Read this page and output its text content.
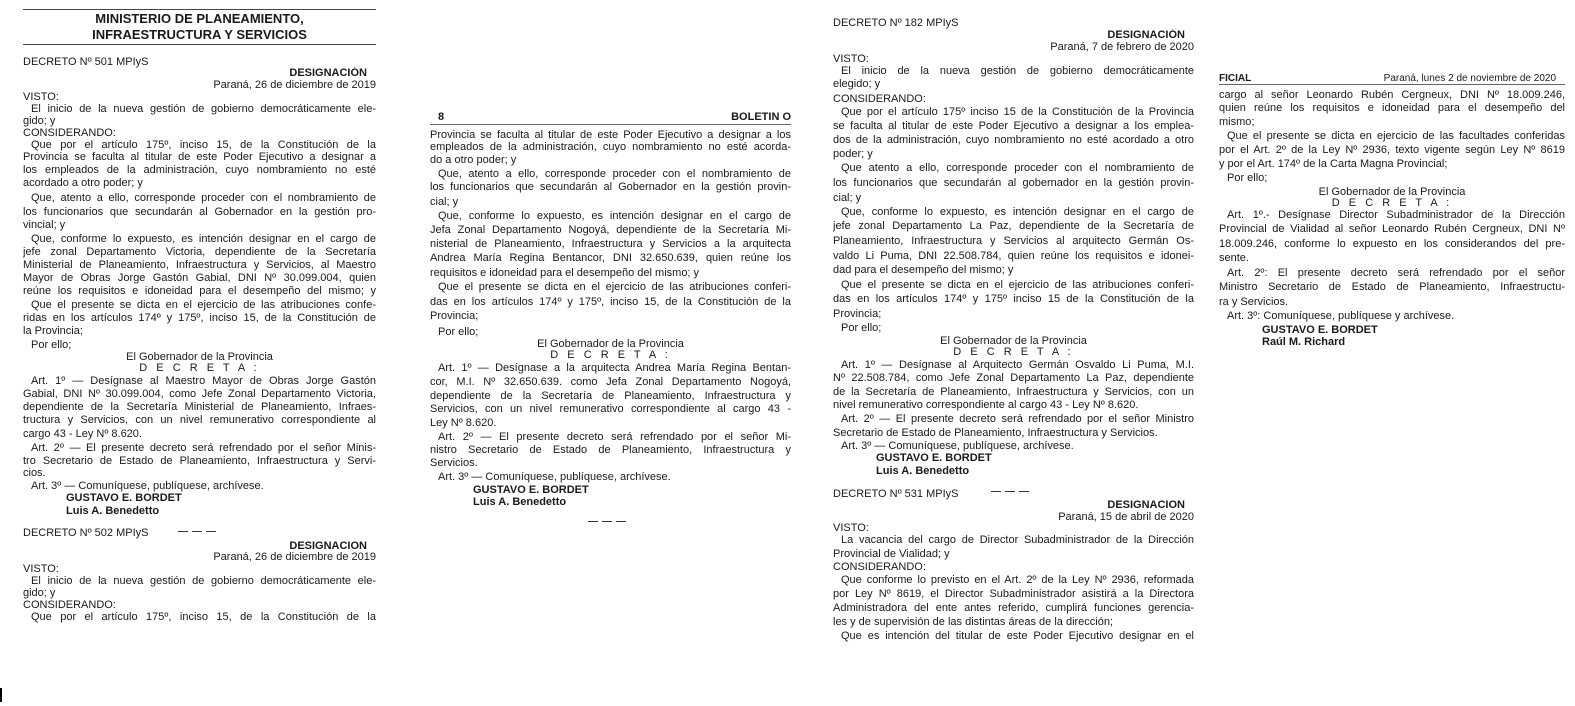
MINISTERIO DE PLANEAMIENTO,
INFRAESTRUCTURA Y SERVICIOS
DECRETO Nº 501 MPIyS
DESIGNACIÓN
Paraná, 26 de diciembre de 2019
VISTO:
El inicio de la nueva gestión de gobierno democráticamente ele-
gido; y
CONSIDERANDO:
Que por el artículo 175º, inciso 15, de la Constitución de la
Provincia se faculta al titular de este Poder Ejecutivo a designar a
los empleados de la administración, cuyo nombramiento no esté
acordado a otro poder; y
Que, atento a ello, corresponde proceder con el nombramiento de
los funcionarios que secundarán al Gobernador en la gestión pro-
vincial; y
Que, conforme lo expuesto, es intención designar en el cargo de
jefe zonal Departamento Victoria, dependiente de la Secretaría
Ministerial de Planeamiento, Infraestructura y Servicios, al Maestro
Mayor de Obras Jorge Gastón Gabial, DNI Nº 30.099.004, quien
reúne los requisitos e idoneidad para el desempeño del mismo; y
Que el presente se dicta en el ejercicio de las atribuciones confe-
ridas en los artículos 174º y 175º, inciso 15, de la Constitución de
la Provincia;
Por ello;
El Gobernador de la Provincia
D E C R E T A :
Art. 1º — Desígnase al Maestro Mayor de Obras Jorge Gastón
Gabial, DNI Nº 30.099.004, como Jefe Zonal Departamento Victoria,
dependiente de la Secretaría Ministerial de Planeamiento, Infraes-
tructura y Servicios, con un nivel remunerativo correspondiente al
cargo 43 - Ley Nº 8.620.
Art. 2º — El presente decreto será refrendado por el señor Minis-
tro Secretario de Estado de Planeamiento, Infraestructura y Servi-
cios.
Art. 3º — Comuníquese, publíquese, archívese.
GUSTAVO E. BORDET
Luis A. Benedetto
DECRETO Nº 502 MPIyS
DESIGNACION
Paraná, 26 de diciembre de 2019
VISTO:
El inicio de la nueva gestión de gobierno democráticamente ele-
gido; y
CONSIDERANDO:
Que por el artículo 175º, inciso 15, de la Constitución de la
8	BOLETIN O
Provincia se faculta al titular de este Poder Ejecutivo a designar a los
empleados de la administración, cuyo nombramiento no esté acorda-
do a otro poder; y
Que, atento a ello, corresponde proceder con el nombramiento de
los funcionarios que secundarán al Gobernador en la gestión provin-
cial; y
Que, conforme lo expuesto, es intención designar en el cargo de
Jefa Zonal Departamento Nogoyá, dependiente de la Secretaría Mi-
nisterial de Planeamiento, Infraestructura y Servicios a la arquitecta
Andrea María Regina Bentancor, DNI 32.650.639, quien reúne los
requisitos e idoneidad para el desempeño del mismo; y
Que el presente se dicta en el ejercicio de las atribuciones conferi-
das en los artículos 174º y 175º, inciso 15, de la Constitución de la
Provincia;
Por ello;
El Gobernador de la Provincia
D E C R E T A :
Art. 1º — Desígnase a la arquitecta Andrea María Regina Bentan-
cor, M.I. Nº 32.650.639. como Jefa Zonal Departamento Nogoyá,
dependiente de la Secretaría de Planeamiento, Infraestructura y
Servicios, con un nivel remunerativo correspondiente al cargo 43 -
Ley Nº 8.620.
Art. 2º — El presente decreto será refrendado por el señor Mi-
nistro Secretario de Estado de Planeamiento, Infraestructura y
Servicios.
Art. 3º — Comuníquese, publíquese, archívese.
GUSTAVO E. BORDET
Luis A. Benedetto
DECRETO Nº 182 MPIyS
DESIGNACIÓN
Paraná, 7 de febrero de 2020
VISTO:
El inicio de la nueva gestión de gobierno democráticamente
elegido; y
CONSIDERANDO:
Que por el artículo 175º inciso 15 de la Constitución de la Provincia
se faculta al titular de este Poder Ejecutivo a designar a los emplea-
dos de la administración, cuyo nombramiento no esté acordado a otro
poder; y
Que atento a ello, corresponde proceder con el nombramiento de
los funcionarios que secundarán al gobernador en la gestión provin-
cial; y
Que, conforme lo expuesto, es intención designar en el cargo de
jefe zonal Departamento La Paz, dependiente de la Secretaría de
Planeamiento, Infraestructura y Servicios al arquitecto Germán Os-
valdo Li Puma, DNI 22.508.784, quien reúne los requisitos e idonei-
dad para el desempeño del mismo; y
Que el presente se dicta en el ejercicio de las atribuciones conferi-
das en los artículos 174º y 175º inciso 15 de la Constitución de la
Provincia;
Por ello;
El Gobernador de la Provincia
D E C R E T A :
Art. 1º — Desígnase al Arquitecto Germán Osvaldo Li Puma, M.I.
Nº 22.508.784, como Jefe Zonal Departamento La Paz, dependiente
de la Secretaría de Planeamiento, Infraestructura y Servicios, con un
nivel remunerativo correspondiente al cargo 43 - Ley Nº 8.620.
Art. 2º — El presente decreto será refrendado por el señor Ministro
Secretario de Estado de Planeamiento, Infraestructura y Servicios.
Art. 3º — Comuníquese, publíquese, archívese.
GUSTAVO E. BORDET
Luis A. Benedetto
DECRETO Nº 531 MPIyS
DESIGNACION
Paraná, 15 de abril de 2020
VISTO:
La vacancia del cargo de Director Subadministrador de la Dirección
Provincial de Vialidad; y
CONSIDERANDO:
Que conforme lo previsto en el Art. 2º de la Ley Nº 2936, reformada
por Ley Nº 8619, el Director Subadministrador asistirá a la Directora
Administradora del ente antes referido, cumplirá funciones gerencia-
les y de supervisión de las distintas áreas de la dirección;
Que es intención del titular de este Poder Ejecutivo designar en el
FICIAL	Paraná, lunes 2 de noviembre de 2020
cargo al señor Leonardo Rubén Cergneux, DNI Nº 18.009.246,
quien reúne los requisitos e idoneidad para el desempeño del
mismo;
Que el presente se dicta en ejercicio de las facultades conferidas
por el Art. 2º de la Ley Nº 2936, texto vigente según Ley Nº 8619
y por el Art. 174º de la Carta Magna Provincial;
Por ello;
El Gobernador de la Provincia
D E C R E T A :
Art. 1º.- Desígnase Director Subadministrador de la Dirección
Provincial de Vialidad al señor Leonardo Rubén Cergneux, DNI Nº
18.009.246, conforme lo expuesto en los considerandos del pre-
sente.
Art. 2º: El presente decreto será refrendado por el señor
Ministro Secretario de Estado de Planeamiento, Infraestructu-
ra y Servicios.
Art. 3º: Comuníquese, publíquese y archívese.
GUSTAVO E. BORDET
Raúl M. Richard
